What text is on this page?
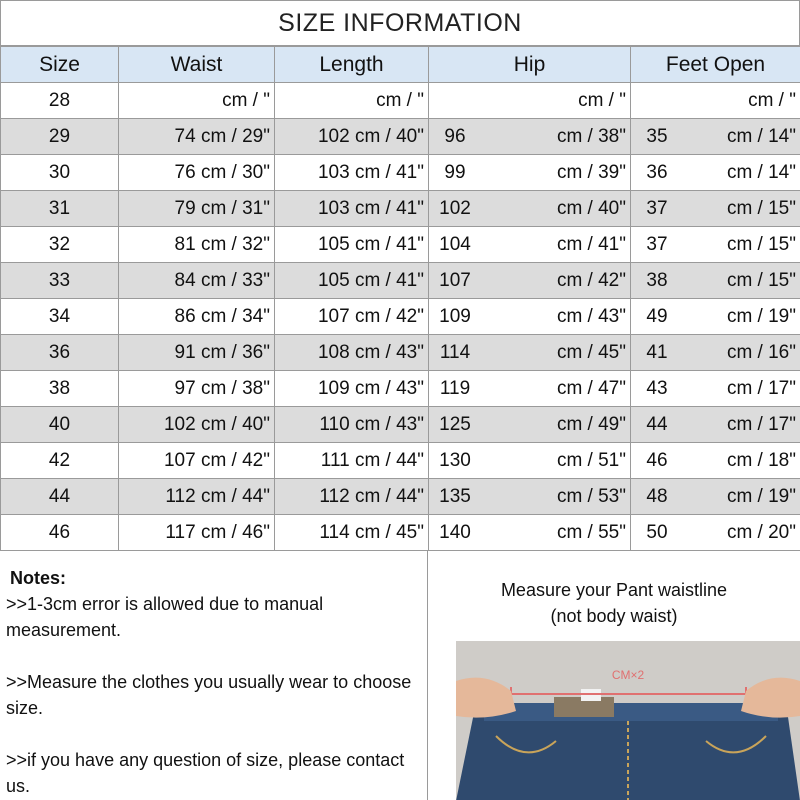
SIZE INFORMATION
Size	Waist	Length	Hip	Feet Open
28	cm / "	cm / "	cm / "	cm / "

29	74 cm / 29"	102 cm / 40"	96 cm / 38"	35 cm / 14"

30	76 cm / 30"	103 cm / 41"	99 cm / 39"	36 cm / 14"

31	79 cm / 31"	103 cm / 41"	102 cm / 40"	37 cm / 15"

32	81 cm / 32"	105 cm / 41"	104 cm / 41"	37 cm / 15"

33	84 cm / 33"	105 cm / 41"	107 cm / 42"	38 cm / 15"

34	86 cm / 34"	107 cm / 42"	109 cm / 43"	49 cm / 19"

36	91 cm / 36"	108 cm / 43"	114 cm / 45"	41 cm / 16"

38	97 cm / 38"	109 cm / 43"	119 cm / 47"	43 cm / 17"

40	102 cm / 40"	110 cm / 43"	125 cm / 49"	44 cm / 17"

42	107 cm / 42"	111 cm / 44"	130 cm / 51"	46 cm / 18"

44	112 cm / 44"	112 cm / 44"	135 cm / 53"	48 cm / 19"

46	117 cm / 46"	114 cm / 45"	140 cm / 55"	50 cm / 20"
Notes:

>>1-3cm error is allowed due to manual measurement.

>>Measure the clothes you usually wear to choose size.

>>if you have any question of size, please contact us.

Measure your Pant waistline
(not body waist)
CM×2
